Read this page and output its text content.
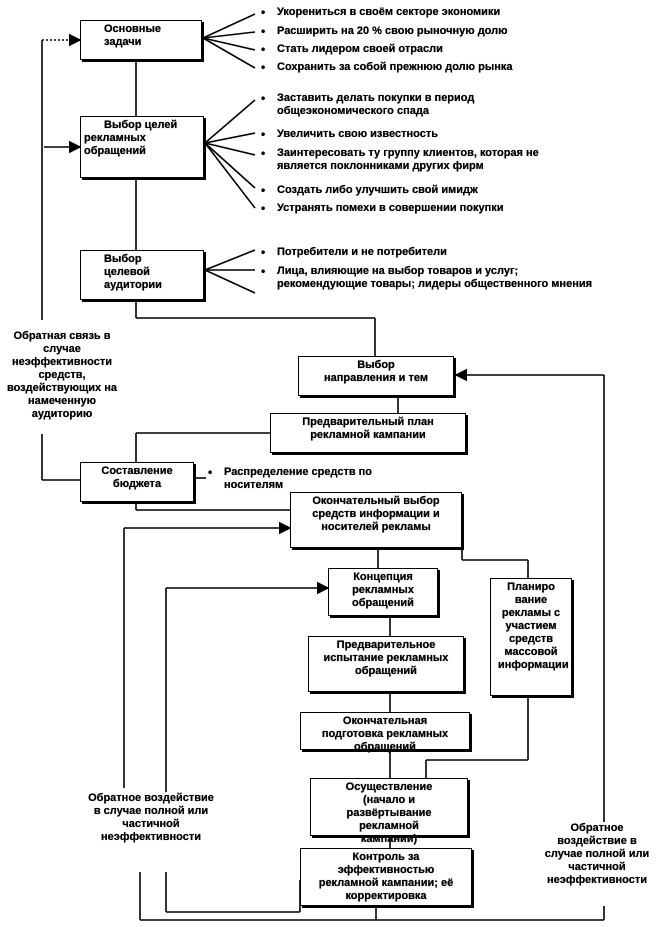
Основные задачи
Выбор целей рекламных обращений
Выбор целевой аудитории
Выбор направления и тем
Предварительный план рекламной кампании
Составление бюджета
Окончательный выбор средств информации и носителей рекламы
Концепция рекламных обращений
Планиро вание рекламы с участием средств массовой информации
Предварительное испытание рекламных обращений
Окончательная подготовка рекламных обращений
Осуществление (начало и развёртывание рекламной кампании)
Контроль за эффективностью рекламной кампании; её корректировка
• Укорениться в своём секторе экономики
• Расширить на 20 % свою рыночную долю
• Стать лидером своей отрасли
• Сохранить за собой прежнюю долю рынка
• Заставить делать покупки в период общеэкономического спада
• Увеличить свою известность
• Заинтересовать ту группу клиентов, которая не является поклонниками других фирм
• Создать либо улучшить свой имидж
• Устранять помехи в совершении покупки
• Потребители и не потребители
• Лица, влияющие на выбор товаров и услуг; рекомендующие товары; лидеры общественного мнения
• Распределение средств по носителям
Обратная связь в случае неэффективности средств, воздействующих на намеченную аудиторию
Обратное воздействие в случае полной или частичной неэффективности
Обратное воздействие в случае полной или частичной неэффективности
